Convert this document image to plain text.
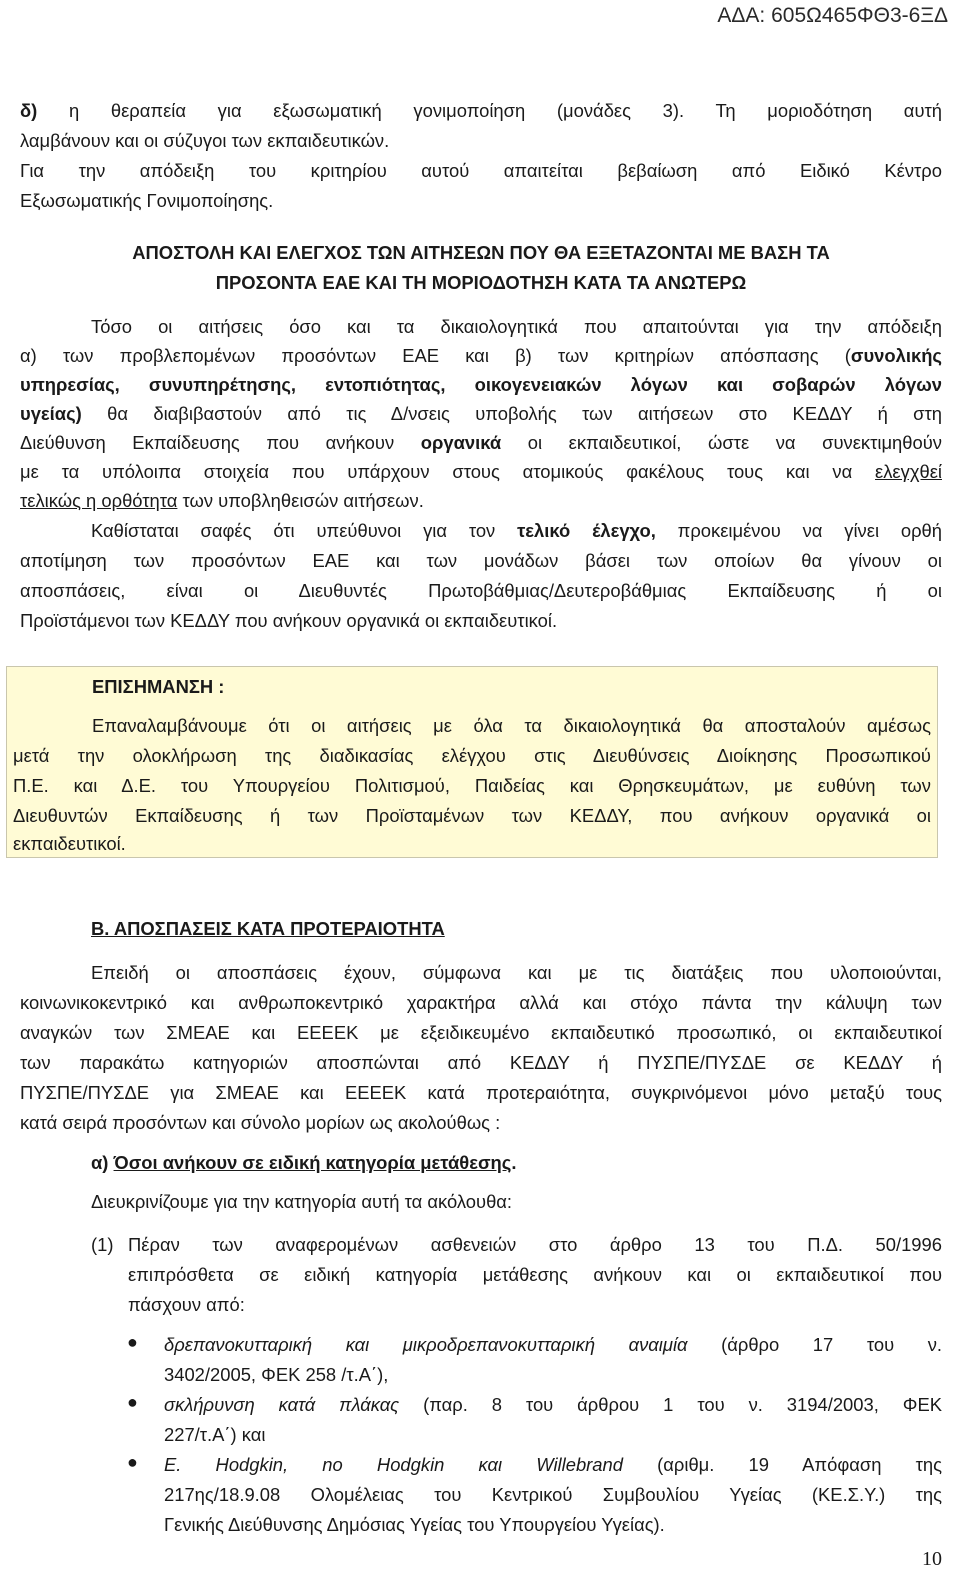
ΑΔΑ: 605Ω465ΦΘ3-6ΞΔ
δ) η θεραπεία για εξωσωματική γονιμοποίηση (μονάδες 3). Τη μοριοδότηση αυτή
λαμβάνουν και οι σύζυγοι των εκπαιδευτικών.
Για την απόδειξη του κριτηρίου αυτού απαιτείται βεβαίωση από Ειδικό Κέντρο
Εξωσωματικής Γονιμοποίησης.
ΑΠΟΣΤΟΛΗ ΚΑΙ ΕΛΕΓΧΟΣ ΤΩΝ ΑΙΤΗΣΕΩΝ ΠΟΥ ΘΑ ΕΞΕΤΑΖΟΝΤΑΙ ΜΕ ΒΑΣΗ ΤΑ
ΠΡΟΣΟΝΤΑ ΕΑΕ ΚΑΙ ΤΗ ΜΟΡΙΟΔΟΤΗΣΗ ΚΑΤΑ ΤΑ ΑΝΩΤΕΡΩ
Τόσο οι αιτήσεις όσο και τα δικαιολογητικά που απαιτούνται για την απόδειξη
α) των προβλεπομένων προσόντων ΕΑΕ και β) των κριτηρίων απόσπασης (συνολικής
υπηρεσίας, συνυπηρέτησης, εντοπιότητας, οικογενειακών λόγων και σοβαρών λόγων
υγείας) θα διαβιβαστούν από τις Δ/νσεις υποβολής των αιτήσεων στο ΚΕΔΔΥ ή στη
Διεύθυνση Εκπαίδευσης που ανήκουν οργανικά οι εκπαιδευτικοί, ώστε να συνεκτιμηθούν
με τα υπόλοιπα στοιχεία που υπάρχουν στους ατομικούς φακέλους τους και να ελεγχθεί
τελικώς η ορθότητα των υποβληθεισών αιτήσεων.
Καθίσταται σαφές ότι υπεύθυνοι για τον τελικό έλεγχο, προκειμένου να γίνει ορθή
αποτίμηση των προσόντων ΕΑΕ και των μονάδων βάσει των οποίων θα γίνουν οι
αποσπάσεις, είναι οι Διευθυντές Πρωτοβάθμιας/Δευτεροβάθμιας Εκπαίδευσης ή οι
Προϊστάμενοι των ΚΕΔΔΥ που ανήκουν οργανικά οι εκπαιδευτικοί.
ΕΠΙΣΗΜΑΝΣΗ :
Επαναλαμβάνουμε ότι οι αιτήσεις με όλα τα δικαιολογητικά θα αποσταλούν αμέσως
μετά την ολοκλήρωση της διαδικασίας ελέγχου στις Διευθύνσεις Διοίκησης Προσωπικού
Π.Ε. και Δ.Ε. του Υπουργείου Πολιτισμού, Παιδείας και Θρησκευμάτων, με ευθύνη των
Διευθυντών Εκπαίδευσης ή των Προϊσταμένων των ΚΕΔΔΥ, που ανήκουν οργανικά οι
εκπαιδευτικοί.
Β. ΑΠΟΣΠΑΣΕΙΣ ΚΑΤΑ ΠΡΟΤΕΡΑΙΟΤΗΤΑ
Επειδή οι αποσπάσεις έχουν, σύμφωνα και με τις διατάξεις που υλοποιούνται,
κοινωνικοκεντρικό και ανθρωποκεντρικό χαρακτήρα αλλά και στόχο πάντα την κάλυψη των
αναγκών των ΣΜΕΑΕ και ΕΕΕΕΚ με εξειδικευμένο εκπαιδευτικό προσωπικό, οι εκπαιδευτικοί
των παρακάτω κατηγοριών αποσπώνται από ΚΕΔΔΥ ή ΠΥΣΠΕ/ΠΥΣΔΕ σε ΚΕΔΔΥ ή
ΠΥΣΠΕ/ΠΥΣΔΕ για ΣΜΕΑΕ και ΕΕΕΕΚ κατά προτεραιότητα, συγκρινόμενοι μόνο μεταξύ τους
κατά σειρά προσόντων και σύνολο μορίων ως ακολούθως :
α) Όσοι ανήκουν σε ειδική κατηγορία μετάθεσης.
Διευκρινίζουμε για την κατηγορία αυτή τα ακόλουθα:
(1) Πέραν των αναφερομένων ασθενειών στο άρθρο 13 του Π.Δ. 50/1996
επιπρόσθετα σε ειδική κατηγορία μετάθεσης ανήκουν και οι εκπαιδευτικοί που
πάσχουν από:
● δρεπανοκυτταρική και μικροδρεπανοκυτταρική αναιμία (άρθρο 17 του ν.
3402/2005, ΦΕΚ 258 /τ.Α΄),
● σκλήρυνση κατά πλάκας (παρ. 8 του άρθρου 1 του ν. 3194/2003, ΦΕΚ
227/τ.Α΄) και
● E. Hodgkin, no Hodgkin και Willebrand (αριθμ. 19 Απόφαση της
217ης/18.9.08 Ολομέλειας του Κεντρικού Συμβουλίου Υγείας (ΚΕ.Σ.Υ.) της
Γενικής Διεύθυνσης Δημόσιας Υγείας του Υπουργείου Υγείας).
10
